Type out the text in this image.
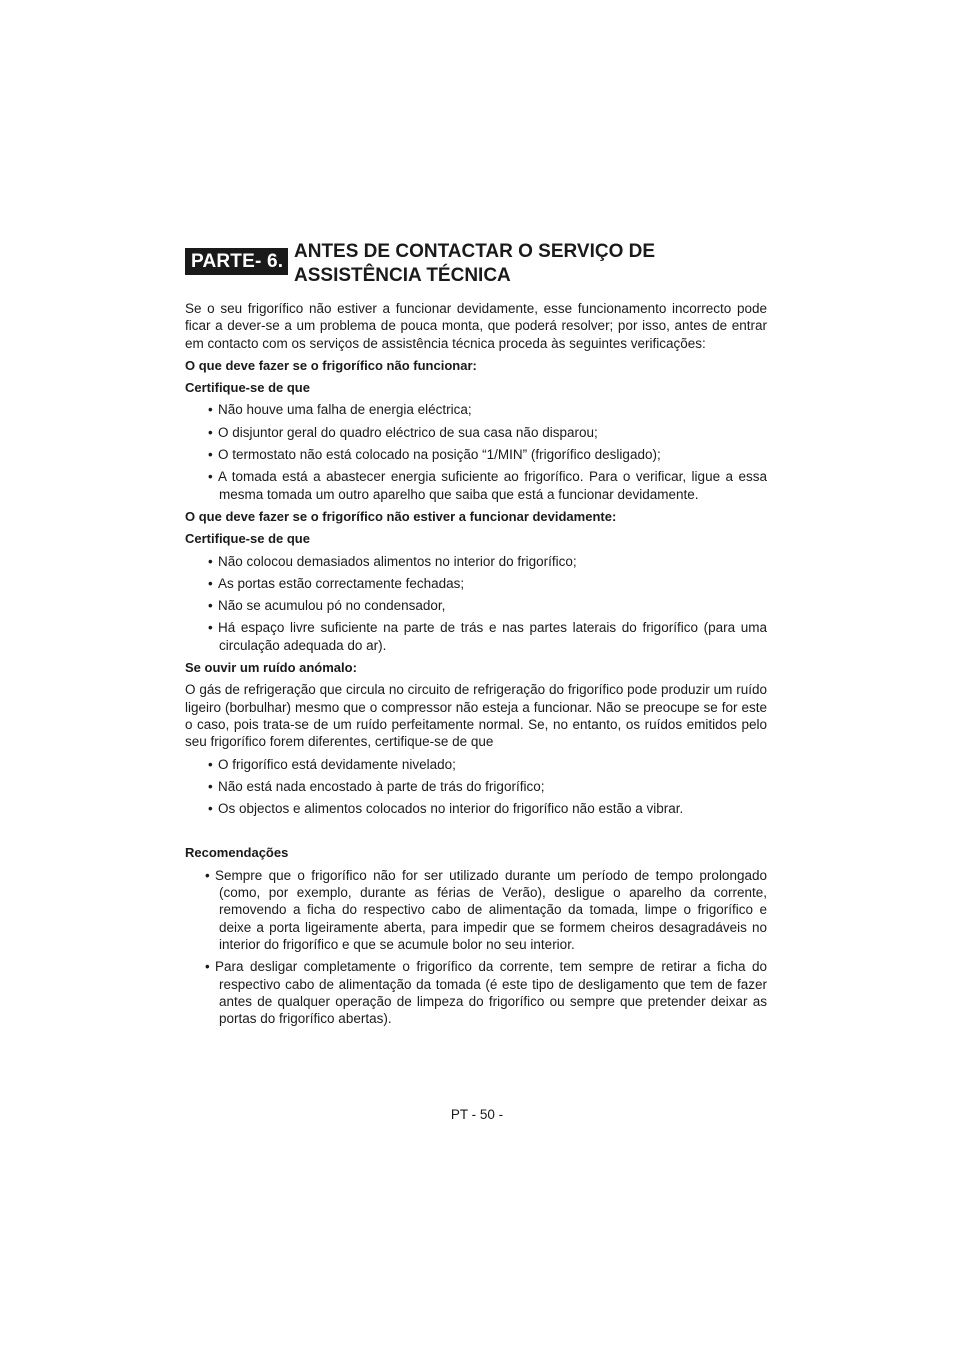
PARTE- 6. ANTES DE CONTACTAR O SERVIÇO DE ASSISTÊNCIA TÉCNICA

Se o seu frigorífico não estiver a funcionar devidamente, esse funcionamento incorrecto pode ficar a dever-se a um problema de pouca monta, que poderá resolver; por isso, antes de entrar em contacto com os serviços de assistência técnica proceda às seguintes verificações:

O que deve fazer se o frigorífico não funcionar:

Certifique-se de que

• Não houve uma falha de energia eléctrica;
• O disjuntor geral do quadro eléctrico de sua casa não disparou;
• O termostato não está colocado na posição “1/MIN” (frigorífico desligado);
• A tomada está a abastecer energia suficiente ao frigorífico. Para o verificar, ligue a essa mesma tomada um outro aparelho que saiba que está a funcionar devidamente.

O que deve fazer se o frigorífico não estiver a funcionar devidamente:

Certifique-se de que

• Não colocou demasiados alimentos no interior do frigorífico;
• As portas estão correctamente fechadas;
• Não se acumulou pó no condensador,
• Há espaço livre suficiente na parte de trás e nas partes laterais do frigorífico (para uma circulação adequada do ar).

Se ouvir um ruído anómalo:

O gás de refrigeração que circula no circuito de refrigeração do frigorífico pode produzir um ruído ligeiro (borbulhar) mesmo que o compressor não esteja a funcionar. Não se preocupe se for este o caso, pois trata-se de um ruído perfeitamente normal. Se, no entanto, os ruídos emitidos pelo seu frigorífico forem diferentes, certifique-se de que

• O frigorífico está devidamente nivelado;
• Não está nada encostado à parte de trás do frigorífico;
• Os objectos e alimentos colocados no interior do frigorífico não estão a vibrar.

Recomendações

• Sempre que o frigorífico não for ser utilizado durante um período de tempo prolongado (como, por exemplo, durante as férias de Verão), desligue o aparelho da corrente, removendo a ficha do respectivo cabo de alimentação da tomada, limpe o frigorífico e deixe a porta ligeiramente aberta, para impedir que se formem cheiros desagradáveis no interior do frigorífico e que se acumule bolor no seu interior.
• Para desligar completamente o frigorífico da corrente, tem sempre de retirar a ficha do respectivo cabo de alimentação da tomada (é este tipo de desligamento que tem de fazer antes de qualquer operação de limpeza do frigorífico ou sempre que pretender deixar as portas do frigorífico abertas).
PT - 50 -
